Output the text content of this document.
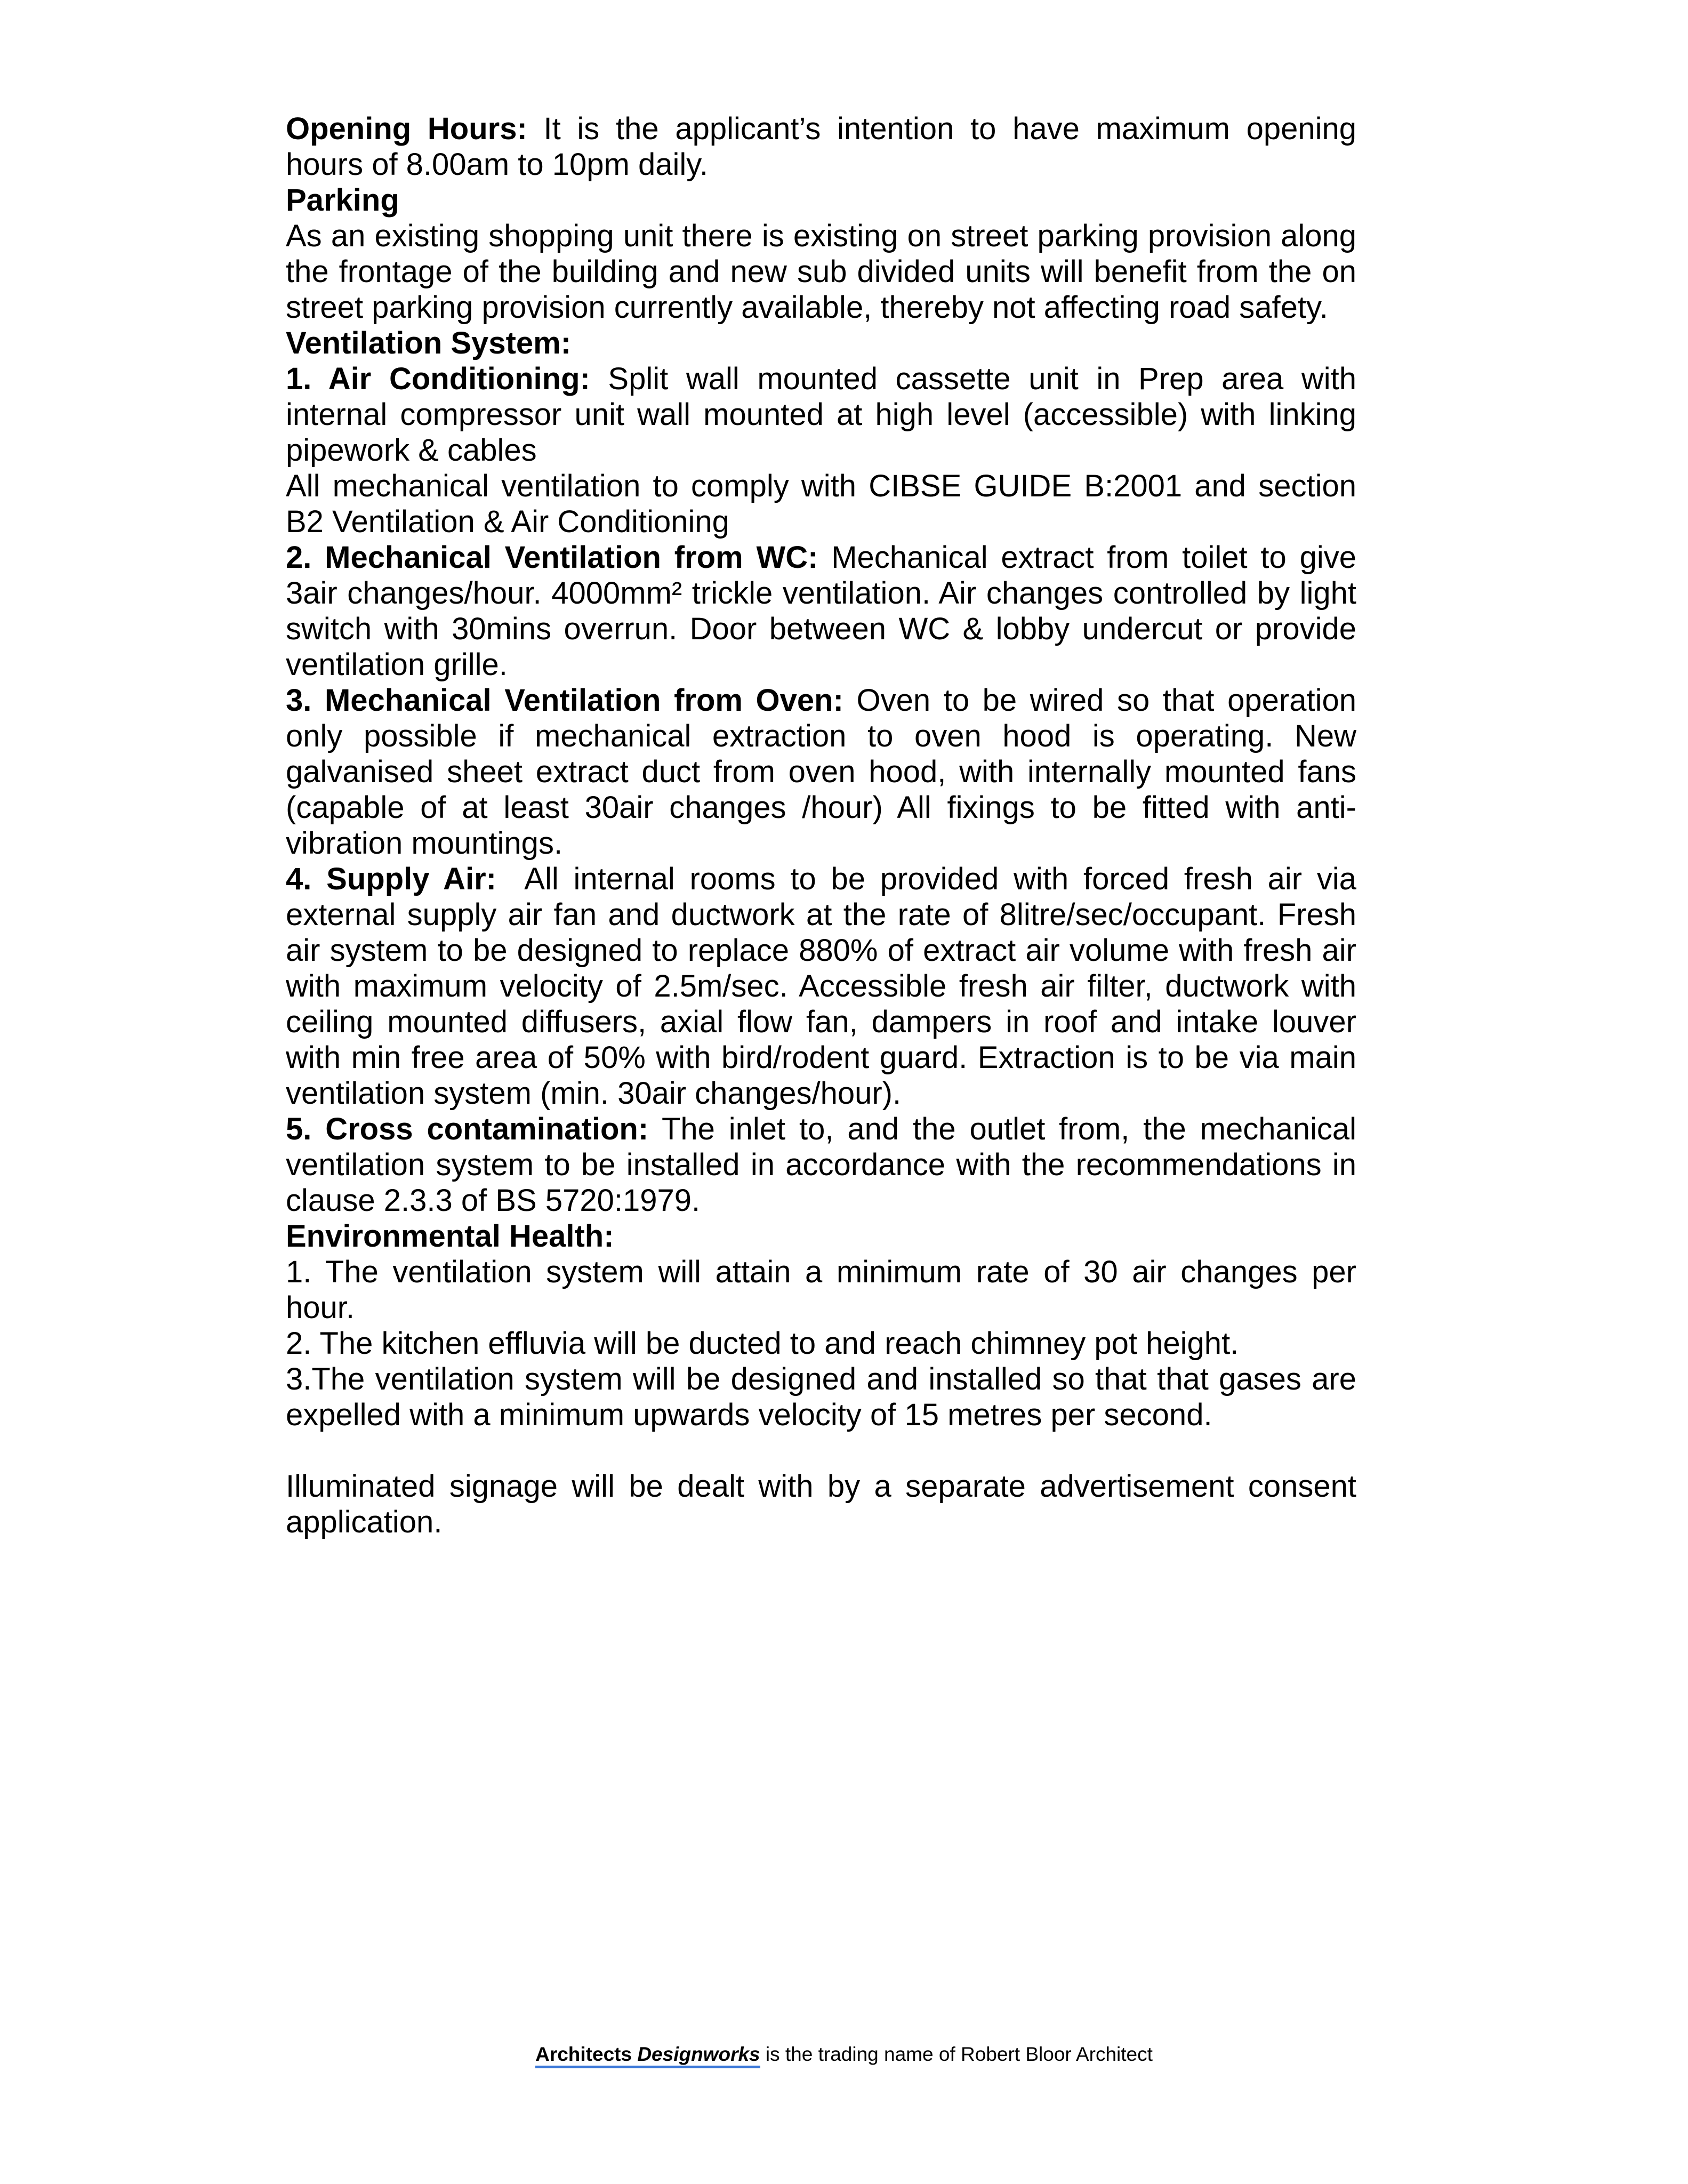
Opening Hours: It is the applicant’s intention to have maximum opening hours of 8.00am to 10pm daily.

Parking

As an existing shopping unit there is existing on street parking provision along the frontage of the building and new sub divided units will benefit from the on street parking provision currently available, thereby not affecting road safety.

Ventilation System:

1. Air Conditioning: Split wall mounted cassette unit in Prep area with internal compressor unit wall mounted at high level (accessible) with linking pipework & cables

All mechanical ventilation to comply with CIBSE GUIDE B:2001 and section B2 Ventilation & Air Conditioning

2. Mechanical Ventilation from WC: Mechanical extract from toilet to give 3air changes/hour. 4000mm² trickle ventilation. Air changes controlled by light switch with 30mins overrun. Door between WC & lobby undercut or provide ventilation grille.

3. Mechanical Ventilation from Oven: Oven to be wired so that operation only possible if mechanical extraction to oven hood is operating. New galvanised sheet extract duct from oven hood, with internally mounted fans (capable of at least 30air changes /hour) All fixings to be fitted with anti-vibration mountings.

4. Supply Air:  All internal rooms to be provided with forced fresh air via external supply air fan and ductwork at the rate of 8litre/sec/occupant. Fresh air system to be designed to replace 880% of extract air volume with fresh air with maximum velocity of 2.5m/sec. Accessible fresh air filter, ductwork with ceiling mounted diffusers, axial flow fan, dampers in roof and intake louver with min free area of 50% with bird/rodent guard. Extraction is to be via main ventilation system (min. 30air changes/hour).

5. Cross contamination: The inlet to, and the outlet from, the mechanical ventilation system to be installed in accordance with the recommendations in clause 2.3.3 of BS 5720:1979.

Environmental Health:

1. The ventilation system will attain a minimum rate of 30 air changes per hour.

2. The kitchen effluvia will be ducted to and reach chimney pot height.

3.The ventilation system will be designed and installed so that that gases are expelled with a minimum upwards velocity of 15 metres per second.

Illuminated signage will be dealt with by a separate advertisement consent application.

Architects Designworks is the trading name of Robert Bloor Architect
